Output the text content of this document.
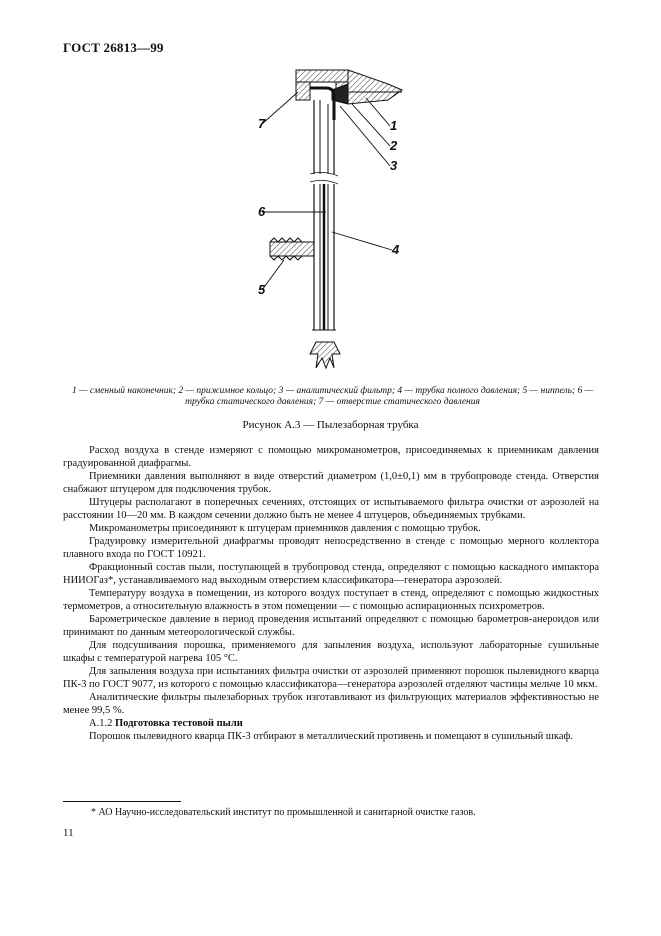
ГОСТ 26813—99
1
2
3
4
5
6
7
1 — сменный наконечник; 2 — прижимное кольцо; 3 — аналитический фильтр; 4 — трубка полного давления; 5 — ниппель; 6 — трубка статического давления; 7 — отверстие статического давления
Рисунок А.3 — Пылезаборная трубка

Расход воздуха в стенде измеряют с помощью микроманометров, присоединяемых к приемникам давления градуированной диафрагмы.

Приемники давления выполняют в виде отверстий диаметром (1,0±0,1) мм в трубопроводе стенда. Отверстия снабжают штуцером для подключения трубок.

Штуцеры располагают в поперечных сечениях, отстоящих от испытываемого фильтра очистки от аэрозолей на расстоянии 10—20 мм. В каждом сечении должно быть не менее 4 штуцеров, объединяемых трубками.

Микроманометры присоединяют к штуцерам приемников давления с помощью трубок.

Градуировку измерительной диафрагмы проводят непосредственно в стенде с помощью мерного коллектора плавного входа по ГОСТ 10921.

Фракционный состав пыли, поступающей в трубопровод стенда, определяют с помощью каскадного импактора НИИОГаз*, устанавливаемого над выходным отверстием классификатора—генератора аэрозолей.

Температуру воздуха в помещении, из которого воздух поступает в стенд, определяют с помощью жидкостных термометров, а относительную влажность в этом помещении — с помощью аспирационных психрометров.

Барометрическое давление в период проведения испытаний определяют с помощью барометров-анероидов или принимают по данным метеорологической службы.

Для подсушивания порошка, применяемого для запыления воздуха, используют лабораторные сушильные шкафы с температурой нагрева 105 °С.

Для запыления воздуха при испытаниях фильтра очистки от аэрозолей применяют порошок пылевидного кварца ПК-3 по ГОСТ 9077, из которого с помощью классификатора—генератора аэрозолей отделяют частицы мельче 10 мкм.

Аналитические фильтры пылезаборных трубок изготавливают из фильтрующих материалов эффективностью не менее 99,5 %.

А.1.2 Подготовка тестовой пыли

Порошок пылевидного кварца ПК-3 отбирают в металлический противень и помещают в сушильный шкаф.

* АО Научно-исследовательский институт по промышленной и санитарной очистке газов.
11
